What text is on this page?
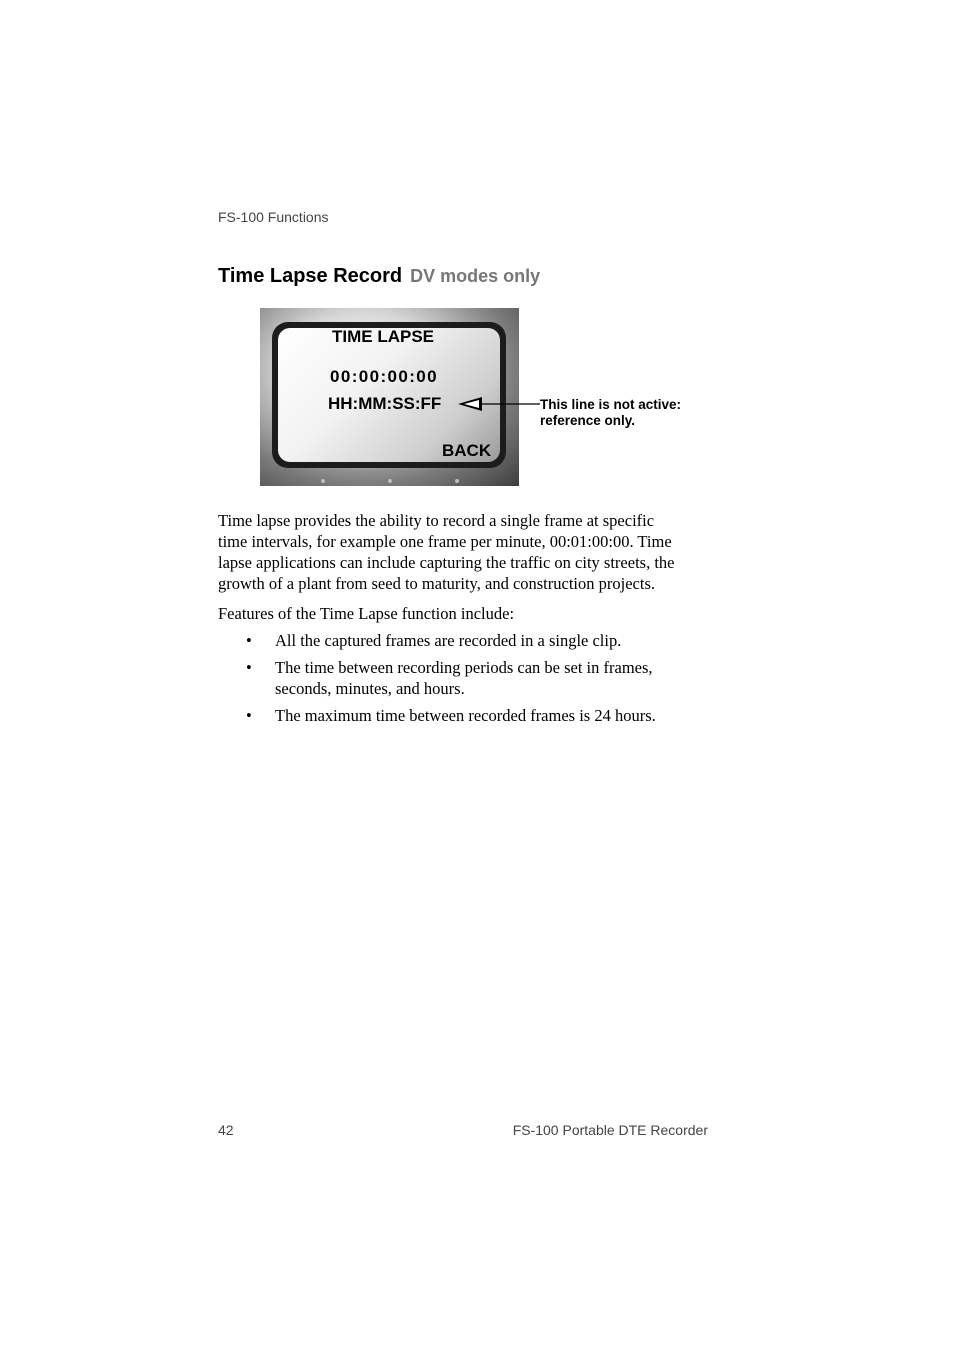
FS-100 Functions
Time Lapse Record DV modes only
TIME LAPSE
00:00:00:00
HH:MM:SS:FF
BACK
This line is not active:
reference only.

Time lapse provides the ability to record a single frame at specific
time intervals, for example one frame per minute, 00:01:00:00. Time
lapse applications can include capturing the traffic on city streets, the
growth of a plant from seed to maturity, and construction projects.

Features of the Time Lapse function include:

• All the captured frames are recorded in a single clip.
• The time between recording periods can be set in frames,
seconds, minutes, and hours.
• The maximum time between recorded frames is 24 hours.
42	FS-100 Portable DTE Recorder
